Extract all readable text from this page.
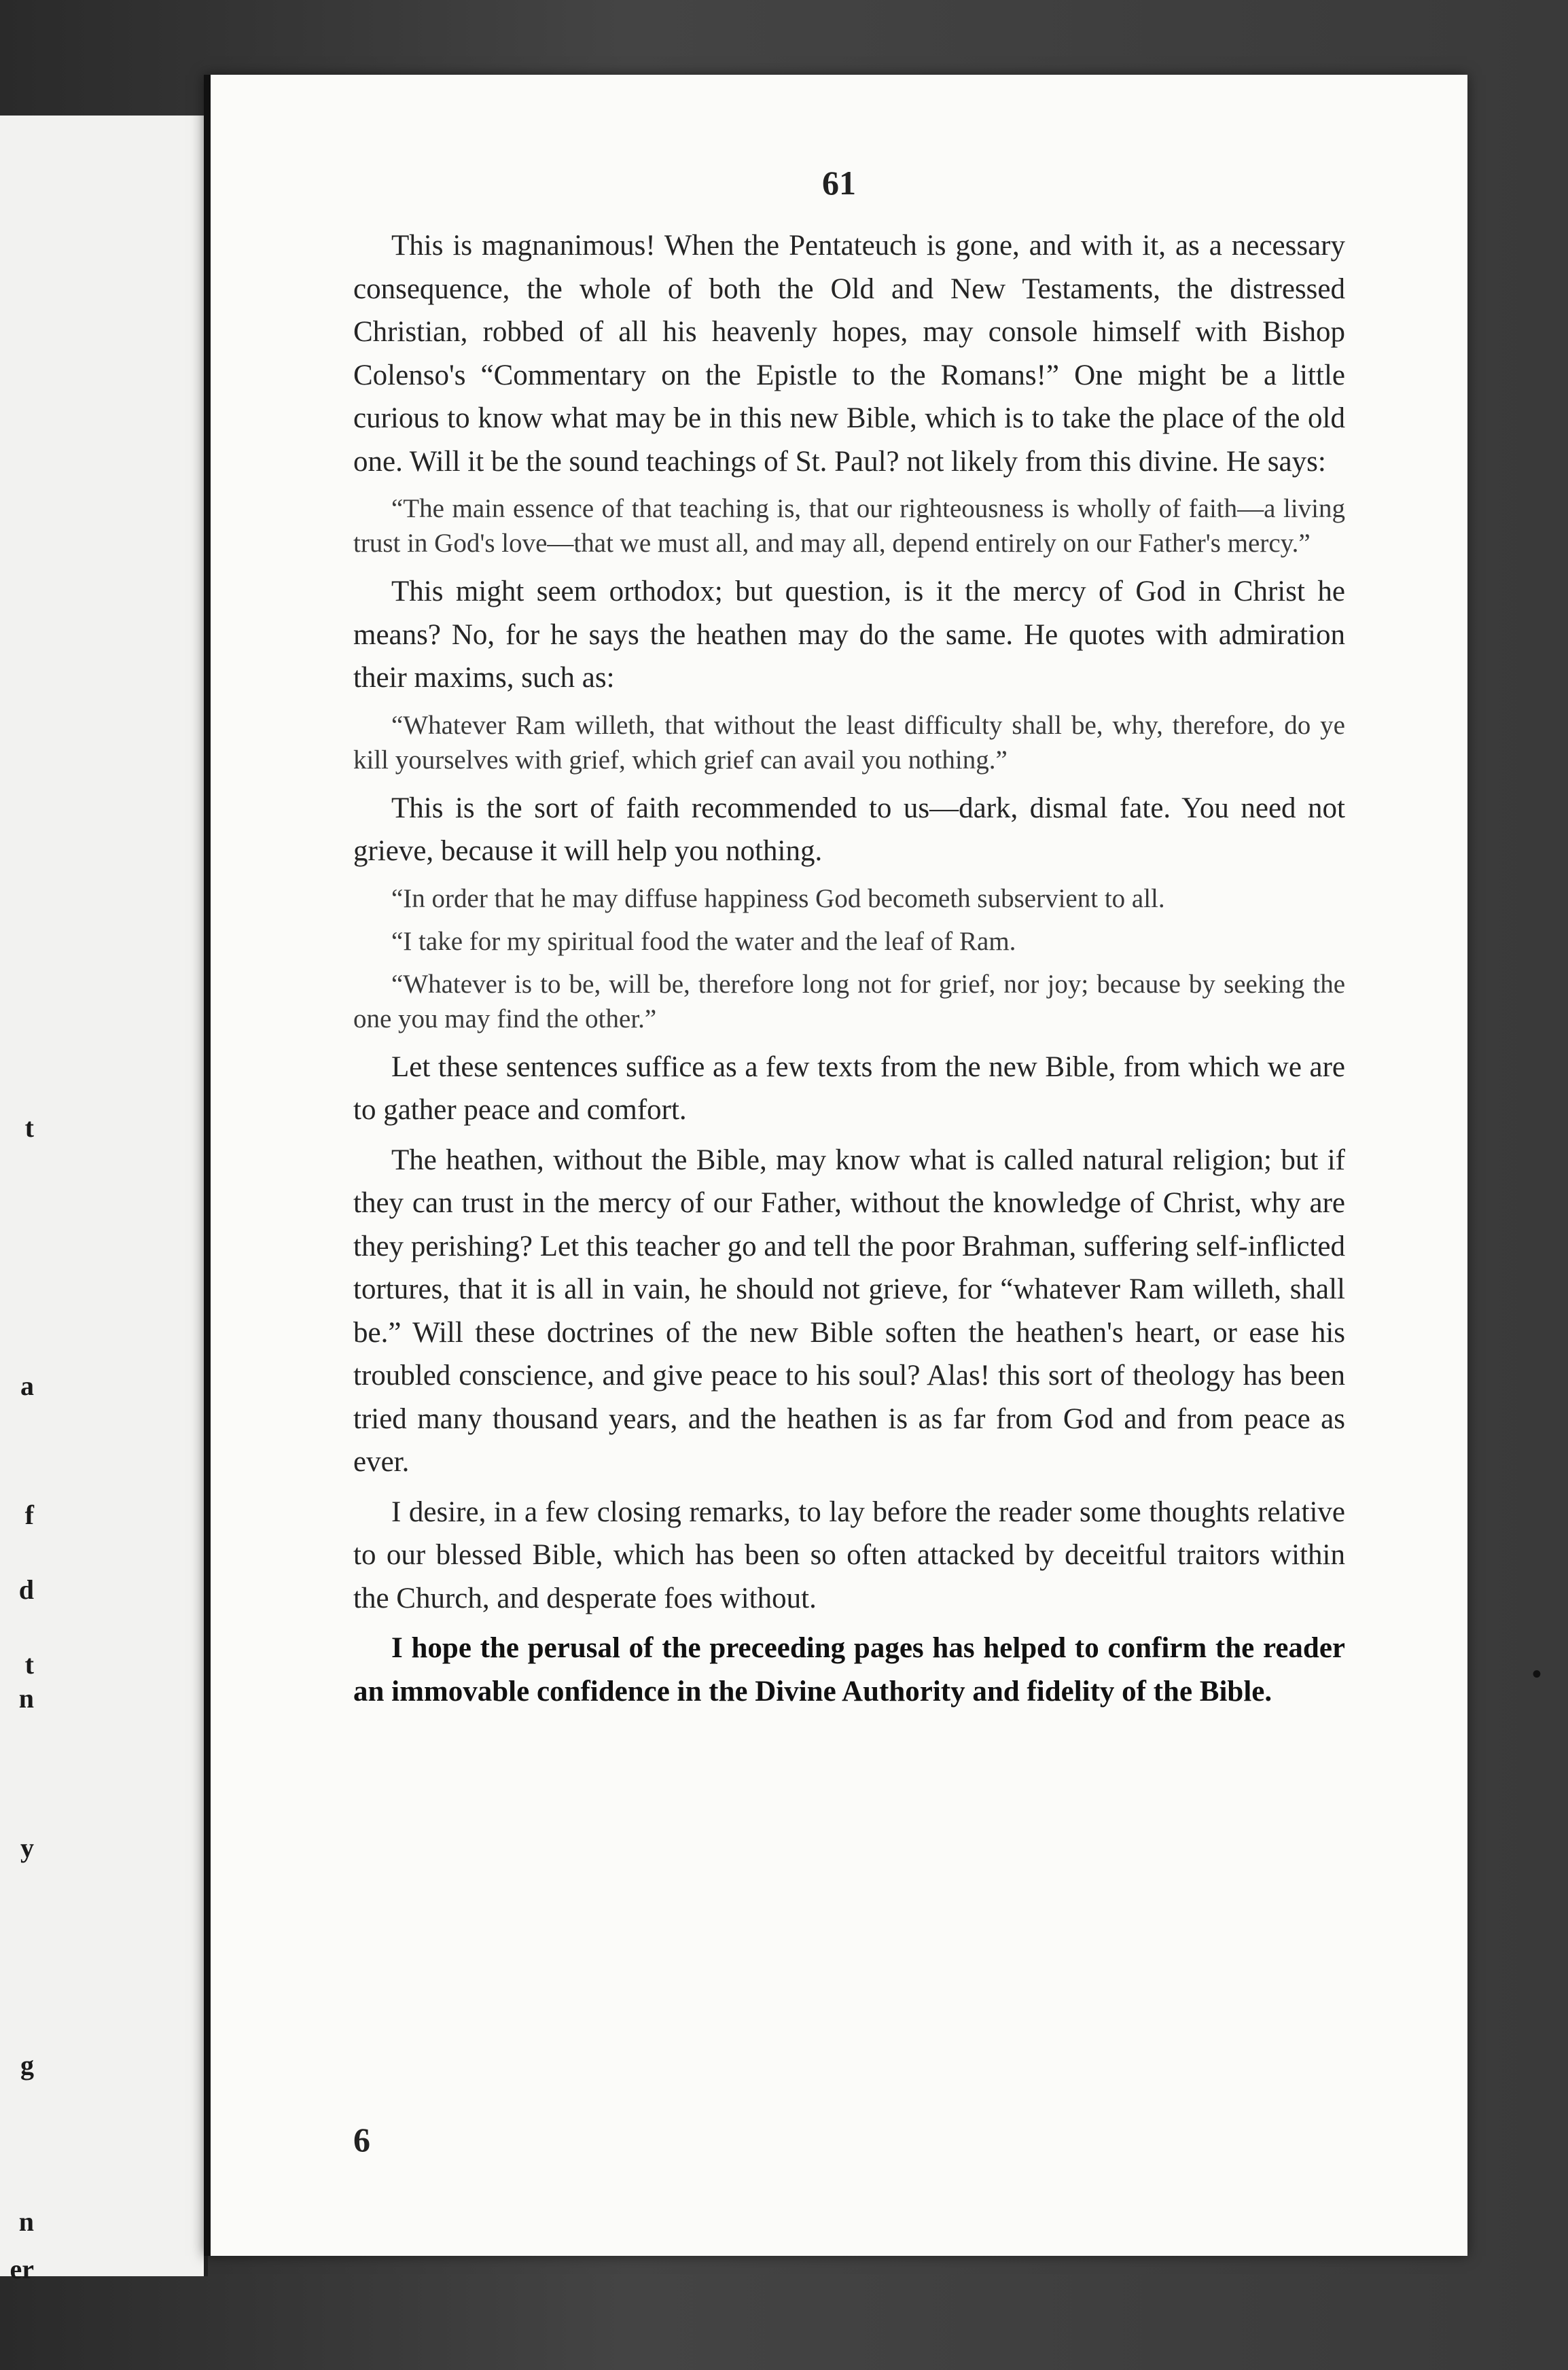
t
a
f
d
t
n
y
g
n
er
61

This is magnanimous! When the Pentateuch is gone, and with it, as a necessary consequence, the whole of both the Old and New Testaments, the distressed Christian, robbed of all his heavenly hopes, may console himself with Bishop Colenso's “Commentary on the Epistle to the Romans!” One might be a little curious to know what may be in this new Bible, which is to take the place of the old one. Will it be the sound teachings of St. Paul? not likely from this divine. He says:

“The main essence of that teaching is, that our righteousness is wholly of faith—a living trust in God's love—that we must all, and may all, depend entirely on our Father's mercy.”

This might seem orthodox; but question, is it the mercy of God in Christ he means? No, for he says the heathen may do the same. He quotes with admiration their maxims, such as:

“Whatever Ram willeth, that without the least difficulty shall be, why, therefore, do ye kill yourselves with grief, which grief can avail you nothing.”

This is the sort of faith recommended to us—dark, dismal fate. You need not grieve, because it will help you nothing.

“In order that he may diffuse happiness God becometh subservient to all.

“I take for my spiritual food the water and the leaf of Ram.

“Whatever is to be, will be, therefore long not for grief, nor joy; because by seeking the one you may find the other.”

Let these sentences suffice as a few texts from the new Bible, from which we are to gather peace and comfort.

The heathen, without the Bible, may know what is called natural religion; but if they can trust in the mercy of our Father, without the knowledge of Christ, why are they perishing? Let this teacher go and tell the poor Brahman, suffering self-inflicted tortures, that it is all in vain, he should not grieve, for “whatever Ram willeth, shall be.” Will these doctrines of the new Bible soften the heathen's heart, or ease his troubled conscience, and give peace to his soul? Alas! this sort of theology has been tried many thousand years, and the heathen is as far from God and from peace as ever.

I desire, in a few closing remarks, to lay before the reader some thoughts relative to our blessed Bible, which has been so often attacked by deceitful traitors within the Church, and desperate foes without.

I hope the perusal of the preceeding pages has helped to confirm the reader an immovable confidence in the Divine Authority and fidelity of the Bible.

6
•
